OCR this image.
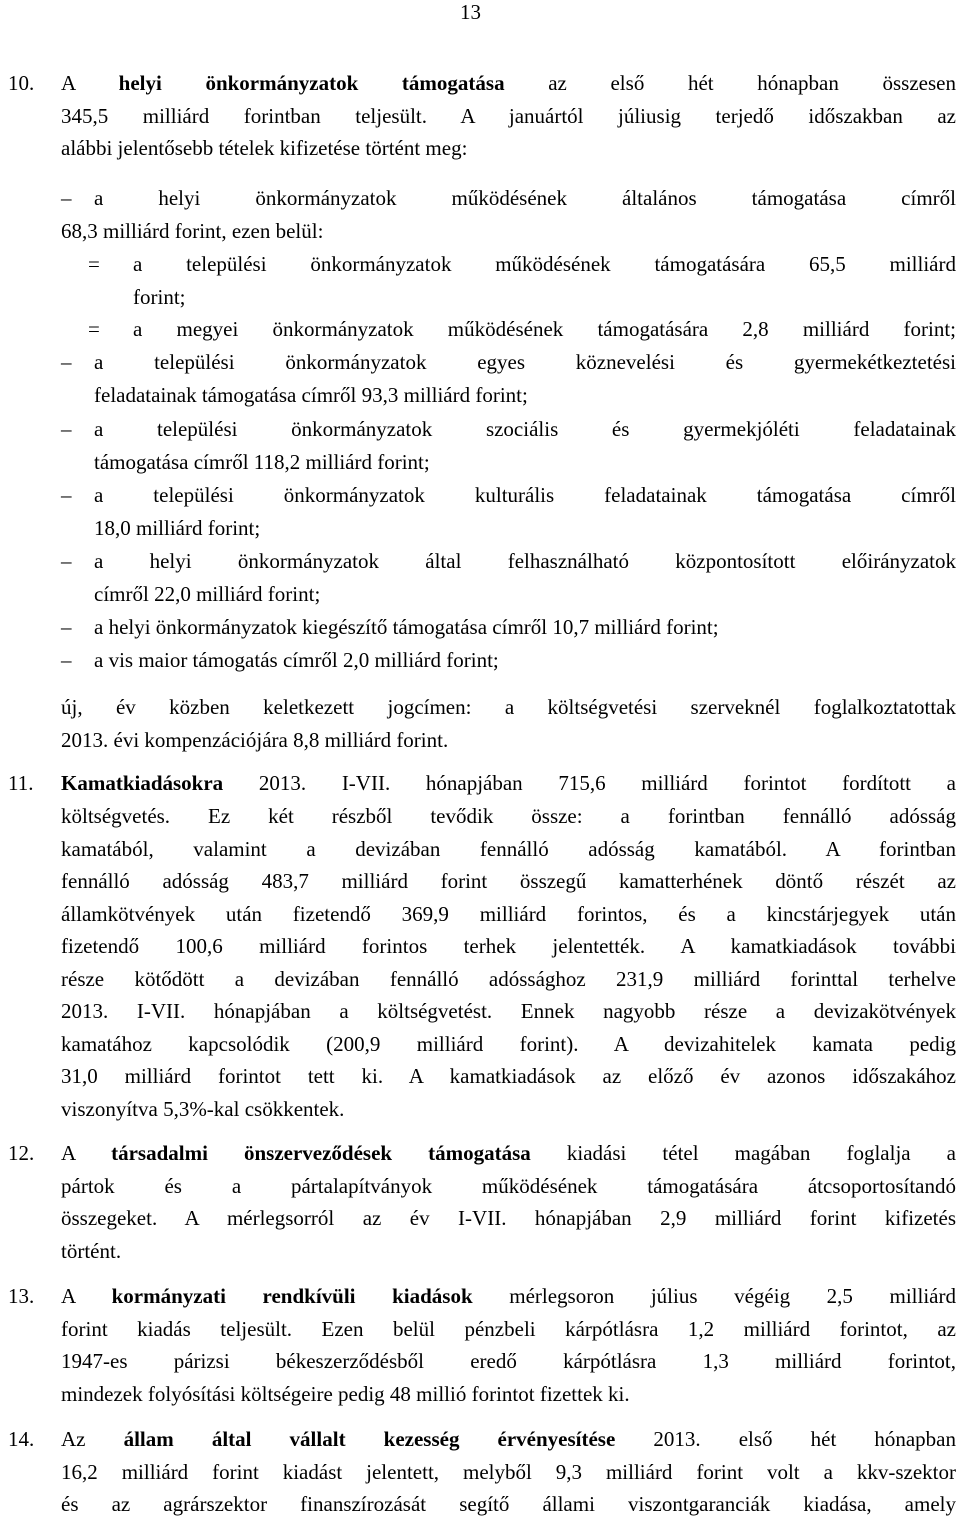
13
10. A helyi önkormányzatok támogatása az első hét hónapban összesen
345,5 milliárd forintban teljesült. A januártól júliusig terjedő időszakban az
alábbi jelentősebb tételek kifizetése történt meg:
–
a helyi önkormányzatok működésének általános támogatása címről
68,3 milliárd forint, ezen belül:
= a települési önkormányzatok működésének támogatására 65,5 milliárd
forint;
= a megyei önkormányzatok működésének támogatására 2,8 milliárd forint;
–
a települési önkormányzatok egyes köznevelési és gyermekétkeztetési
feladatainak támogatása címről 93,3 milliárd forint;
–
a települési önkormányzatok szociális és gyermekjóléti feladatainak
támogatása címről 118,2 milliárd forint;
–
a települési önkormányzatok kulturális feladatainak támogatása címről
18,0 milliárd forint;
–
a helyi önkormányzatok által felhasználható központosított előirányzatok
címről 22,0 milliárd forint;
–
a helyi önkormányzatok kiegészítő támogatása címről 10,7 milliárd forint;
–
a vis maior támogatás címről 2,0 milliárd forint;
új, év közben keletkezett jogcímen: a költségvetési szerveknél foglalkoztatottak
2013. évi kompenzációjára 8,8 milliárd forint.
11. Kamatkiadásokra 2013. I-VII. hónapjában 715,6 milliárd forintot fordított a
költségvetés. Ez két részből tevődik össze: a forintban fennálló adósság
kamatából, valamint a devizában fennálló adósság kamatából. A forintban
fennálló adósság 483,7 milliárd forint összegű kamatterhének döntő részét az
államkötvények után fizetendő 369,9 milliárd forintos, és a kincstárjegyek után
fizetendő 100,6 milliárd forintos terhek jelentették. A kamatkiadások további
része kötődött a devizában fennálló adóssághoz 231,9 milliárd forinttal terhelve
2013. I-VII. hónapjában a költségvetést. Ennek nagyobb része a devizakötvények
kamatához kapcsolódik (200,9 milliárd forint). A devizahitelek kamata pedig
31,0 milliárd forintot tett ki. A kamatkiadások az előző év azonos időszakához
viszonyítva 5,3%-kal csökkentek.
12. A társadalmi önszerveződések támogatása kiadási tétel magában foglalja a
pártok és a pártalapítványok működésének támogatására átcsoportosítandó
összegeket. A mérlegsorról az év I-VII. hónapjában 2,9 milliárd forint kifizetés
történt.
13. A kormányzati rendkívüli kiadások mérlegsoron július végéig 2,5 milliárd
forint kiadás teljesült. Ezen belül pénzbeli kárpótlásra 1,2 milliárd forintot, az
1947-es párizsi békeszerződésből eredő kárpótlásra 1,3 milliárd forintot,
mindezek folyósítási költségeire pedig 48 millió forintot fizettek ki.
14. Az állam által vállalt kezesség érvényesítése 2013. első hét hónapban
16,2 milliárd forint kiadást jelentett, melyből 9,3 milliárd forint volt a kkv-szektor
és az agrárszektor finanszírozását segítő állami viszontgaranciák kiadása, amely
